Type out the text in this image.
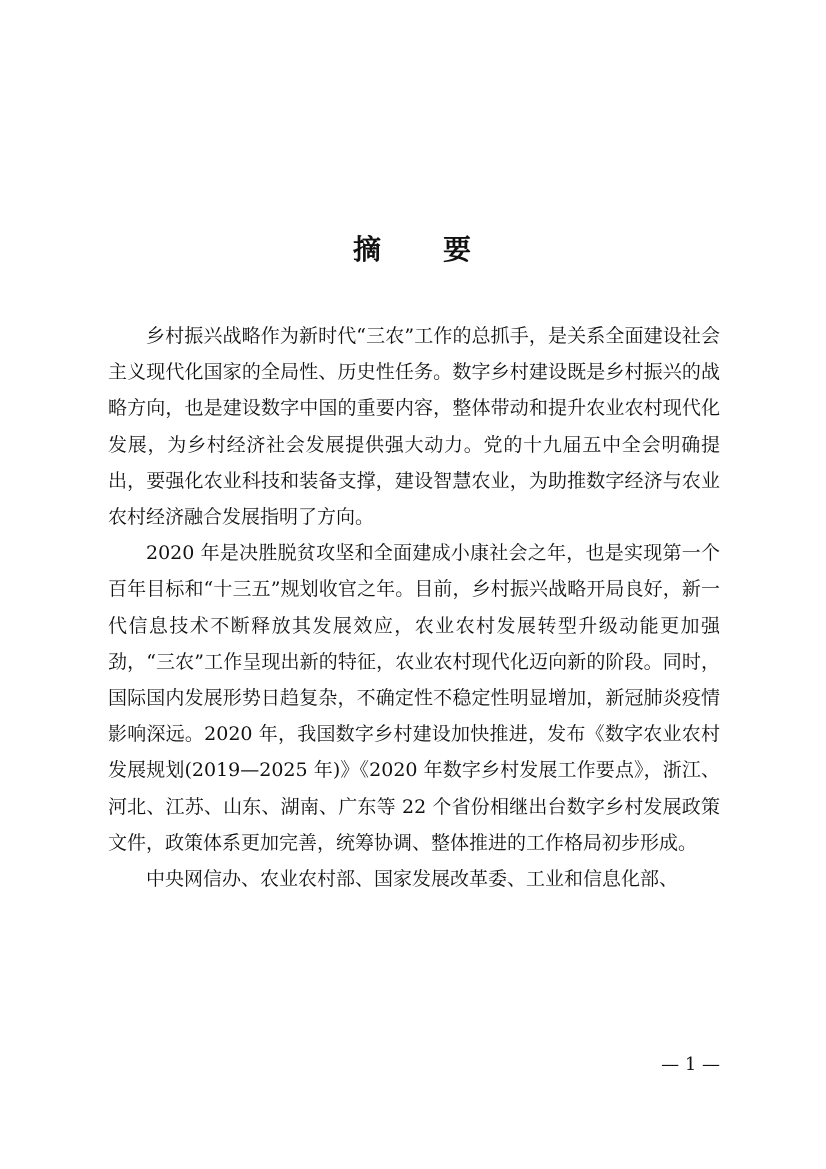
摘　　要

乡村振兴战略作为新时代“三农”工作的总抓手，是关系全面建设社会主义现代化国家的全局性、历史性任务。数字乡村建设既是乡村振兴的战略方向，也是建设数字中国的重要内容，整体带动和提升农业农村现代化发展，为乡村经济社会发展提供强大动力。党的十九届五中全会明确提出，要强化农业科技和装备支撑，建设智慧农业，为助推数字经济与农业农村经济融合发展指明了方向。

2020 年是决胜脱贫攻坚和全面建成小康社会之年，也是实现第一个百年目标和“十三五”规划收官之年。目前，乡村振兴战略开局良好，新一代信息技术不断释放其发展效应，农业农村发展转型升级动能更加强劲，“三农”工作呈现出新的特征，农业农村现代化迈向新的阶段。同时，国际国内发展形势日趋复杂，不确定性不稳定性明显增加，新冠肺炎疫情影响深远。2020 年，我国数字乡村建设加快推进，发布《数字农业农村发展规划(2019—2025 年)》《2020 年数字乡村发展工作要点》，浙江、河北、江苏、山东、湖南、广东等 22 个省份相继出台数字乡村发展政策文件，政策体系更加完善，统筹协调、整体推进的工作格局初步形成。

中央网信办、农业农村部、国家发展改革委、工业和信息化部、

— 1 —
